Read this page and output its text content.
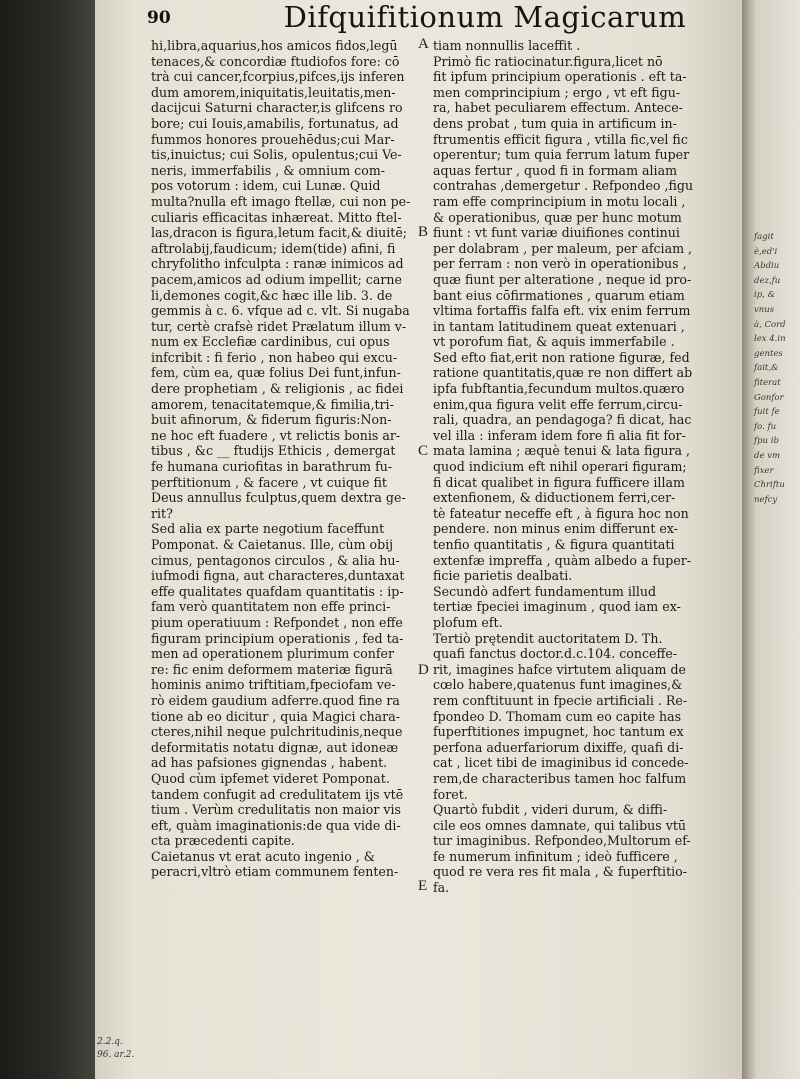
90	Difquifitionum Magicarum
hi,libra,aquarius,hos amicos fidos,legū
tenaces,& concordiæ ftudiofos fore: cō
trà cui cancer,fcorpius,pifces,ijs inferen
dum amorem,iniquitatis,leuitatis,men-
dacijcui Saturni character,is glifcens ro
bore; cui Iouis,amabilis, fortunatus, ad
fummos honores prouehēdus;cui Mar-
tis,inuictus; cui Solis, opulentus;cui Ve-
neris, immerfabilis , & omnium com-
pos votorum : idem, cui Lunæ. Quid
multa?nulla eft imago ftellæ, cui non pe-
culiaris efficacitas inhæreat. Mitto ftel-
las,dracon is figura,letum facit,& diuitē;
aftrolabij,faudicum; idem(tide) afini, fi
chryfolitho infculpta : ranæ inimicos ad
pacem,amicos ad odium impellit; carne
li,demones cogit,&c hæc ille lib. 3. de
gemmis à c. 6. vfque ad c. vlt. Si nugaba
tur, certè crafsè ridet Prælatum illum v-
num ex Ecclefiæ cardinibus, cui opus
infcribit : fi ferio , non habeo qui excu-
fem, cùm ea, quæ folius Dei funt,infun-
dere prophetiam , & religionis , ac fidei
amorem, tenacitatemque,& fimilia,tri-
buit afinorum, & fiderum figuris:Non-
ne hoc eft fuadere , vt relictis bonis ar-
tibus , &c __ ftudijs Ethicis , demergat
fe humana curiofitas in barathrum fu-
perftitionum , & facere , vt cuique fit
Deus annullus fculptus,quem dextra ge-
rit?
Sed alia ex parte negotium faceffunt
Pomponat. & Caietanus. Ille, cùm obij
cimus, pentagonos circulos , & alia hu-
iufmodi figna, aut characteres,duntaxat
effe qualitates quafdam quantitatis : ip-
fam verò quantitatem non effe princi-
pium operatiuum : Refpondet , non effe
figuram principium operationis , fed ta-
men ad operationem plurimum confer
re: fic enim deformem materiæ figurā
hominis animo triftitiam,fpeciofam ve-
rò eidem gaudium adferre.quod fine ra
tione ab eo dicitur , quia Magici chara-
cteres,nihil neque pulchritudinis,neque
deformitatis notatu dignæ, aut idoneæ
ad has pafsiones gignendas , habent.
Quod cùm ipfemet videret Pomponat.
tandem confugit ad credulitatem ijs vtē
tium . Verùm credulitatis non maior vis
eft, quàm imaginationis:de qua vide di-
cta præcedenti capite.
Caietanus vt erat acuto ingenio , &
peracri,vltrò etiam communem fenten-
tiam nonnullis laceffit .
Primò fic ratiocinatur.figura,licet nō
fit ipfum principium operationis . eft ta-
men comprincipium ; ergo , vt eft figu-
ra, habet peculiarem effectum. Antece-
dens probat , tum quia in artificum in-
ftrumentis efficit figura , vtilla fic,vel fic
operentur; tum quia ferrum latum fuper
aquas fertur , quod fi in formam aliam
contrahas ,demergetur . Refpondeo ,figu
ram effe comprincipium in motu locali ,
& operationibus, quæ per hunc motum
fiunt : vt funt variæ diuifiones continui
per dolabram , per maleum, per afciam ,
per ferram : non verò in operationibus ,
quæ fiunt per alteratione , neque id pro-
bant eius cōfirmationes , quarum etiam
vltima fortaffis falfa eft. vix enim ferrum
in tantam latitudinem queat extenuari ,
vt porofum fiat, & aquis immerfabile .
Sed efto fiat,erit non ratione figuræ, fed
ratione quantitatis,quæ re non differt ab
ipfa fubftantia,fecundum multos.quæro
enim,qua figura velit effe ferrum,circu-
rali, quadra, an pendagoga? fi dicat, hac
vel illa : inferam idem fore fi alia fit for-
mata lamina ; æquè tenui & lata figura ,
quod indicium eft nihil operari figuram;
fi dicat qualibet in figura fufficere illam
extenfionem, & diductionem ferri,cer-
tè fateatur neceffe eft , à figura hoc non
pendere. non minus enim differunt ex-
tenfio quantitatis , & figura quantitati
extenfæ impreffa , quàm albedo a fuper-
ficie parietis dealbati.
Secundò adfert fundamentum illud
tertiæ fpeciei imaginum , quod iam ex-
plofum eft.
Tertiò prętendit auctoritatem D. Th.
quafi fanctus doctor.d.c.104. conceffe-
rit, imagines hafce virtutem aliquam de
cœlo habere,quatenus funt imagines,&
rem conftituunt in fpecie artificiali . Re-
fpondeo D. Thomam cum eo capite has
fuperftitiones impugnet, hoc tantum ex
perfona aduerfariorum dixiffe, quafi di-
cat , licet tibi de imaginibus id concede-
rem,de characteribus tamen hoc falfum
foret.
Quartò fubdit , videri durum, & diffi-
cile eos omnes damnate, qui talibus vtū
tur imaginibus. Refpondeo,Multorum ef-
fe numerum infinitum ; ideò fufficere ,
quod re vera res fit mala , & fuperftitio-
fa.
A
B
C
D
E
2.2.q. 96. ar.2.
fagit
è,ed'i
Abdiu
dez,fu
ip, &
vnus
à, Cord
lex 4.in
gentes
fait,&
fiterat
Gonfor
fuit fe
fo. fu
fpu ib
de vm
fixer
Chriftu
nefcy
